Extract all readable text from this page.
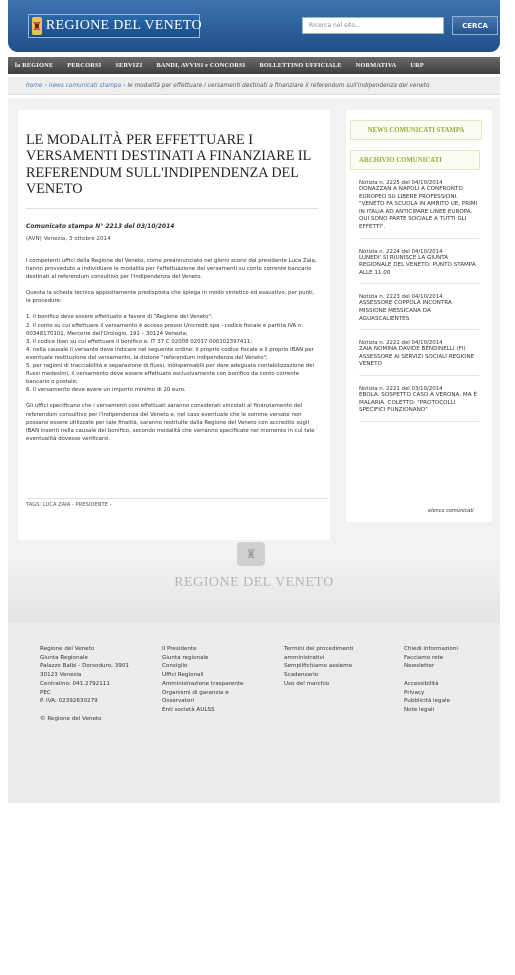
♜ REGIONE DEL VENETO	Ricerca nel sito...	CERCA
la REGIONE	PERCORSI	SERVIZI	BANDI, AVVISI e CONCORSI	BOLLETTINO UFFICIALE	NORMATIVA	URP
home › news comunicati stampa › le modalità per effettuare i versamenti destinati a finanziare il referendum sull'indipendenza del veneto
LE MODALITÀ PER EFFETTUARE I VERSAMENTI DESTINATI A FINANZIARE IL REFERENDUM SULL'INDIPENDENZA DEL VENETO
Comunicato stampa N° 2213 del 03/10/2014
(AVN) Venezia, 3 ottobre 2014

I competenti uffici della Regione del Veneto, come preannunciato nei giorni scorsi dal presidente Luca Zaia, hanno provveduto a individuare le modalità per l'effettuazione dei versamenti su conto corrente bancario destinati al referendum consultivo per l'indipendenza del Veneto.

Questa la scheda tecnica appositamente predisposta che spiega in modo sintetico ed esaustivo, per punti, le procedure:

1. il bonifico deve essere effettuato a favore di "Regione del Veneto";
2. il conto su cui effettuare il versamento è acceso presso Unicredit spa - codice fiscale e partita IVA n. 00348170101, Mercerie dell'Orologio, 191 – 30124 Venezia;
3. il codice Iban su cui effettuare il bonifico è: IT 37 C 02008 02017 000102397411;
4. nella causale il versante deve indicare nel seguente ordine: il proprio codice fiscale e il proprio IBAN per eventuale restituzione del versamento, la dizione "referendum indipendenza del Veneto";
5. per ragioni di tracciabilità e separazione di flussi, indispensabili per dare adeguata contabilizzazione dei flussi medesimi, il versamento deve essere effettuato esclusivamente con bonifico da conto corrente bancario o postale;
6. il versamento deve avere un importo minimo di 20 euro.

Gli uffici specificano che i versamenti così effettuati saranno considerati vincolati al finanziamento del referendum consultivo per l'indipendenza del Veneto e, nel caso eventuale che le somme versate non possano essere utilizzate per tale finalità, saranno restituite dalla Regione del Veneto con accredito sugli IBAN inseriti nella causale del bonifico, secondo modalità che verranno specificate nel momento in cui tale eventualità dovesse verificarsi.

TAGS: LUCA ZAIA - PRESIDENTE -
NEWS COMUNICATI STAMPA
ARCHIVIO COMUNICATI
Notizia n. 2225 del 04/10/2014
DONAZZAN A NAPOLI A CONFRONTO EUROPEO SU LIBERE PROFESSIONI. "VENETO FA SCUOLA IN AMBITO UE, PRIMI IN ITALIA AD ANTICIPARE LINEE EUROPA. QUI SONO PARTE SOCIALE A TUTTI GLI EFFETTI".
Notizia n. 2224 del 04/10/2014
LUNEDI' SI RIUNISCE LA GIUNTA REGIONALE DEL VENETO: PUNTO STAMPA ALLE 11.00
Notizia n. 2223 del 04/10/2014
ASSESSORE COPPOLA INCONTRA MISSIONE MESSICANA DA AGUASCALIENTES
Notizia n. 2222 del 04/10/2014
ZAIA NOMINA DAVIDE BENDINELLI (FI) ASSESSORE AI SERVIZI SOCIALI REGIONE VENETO
Notizia n. 2221 del 03/10/2014
EBOLA: SOSPETTO CASO A VERONA, MA È MALARIA. COLETTO: "PROTOCOLLI SPECIFICI FUNZIONANO"
elenco comunicati
♜
REGIONE DEL VENETO
Regione del Veneto
Giunta Regionale
Palazzo Balbi - Dorsoduro, 3901
30123 Venezia
Centralino: 041.2792111
PEC
P. IVA: 02392630279

© Regione del Veneto
Il Presidente
Giunta regionale
Consiglio
Uffici Regionali
Amministrazione trasparente
Organismi di garanzia e
Osservatori
Enti società AULSS
Termini dei procedimenti
amministrativi
Semplifichiamo assieme
Scadenzario
Uso del marchio
Chiedi informazioni
Facciamo rete
Newsletter

Accessibilità
Privacy
Pubblicità legale
Note legali
